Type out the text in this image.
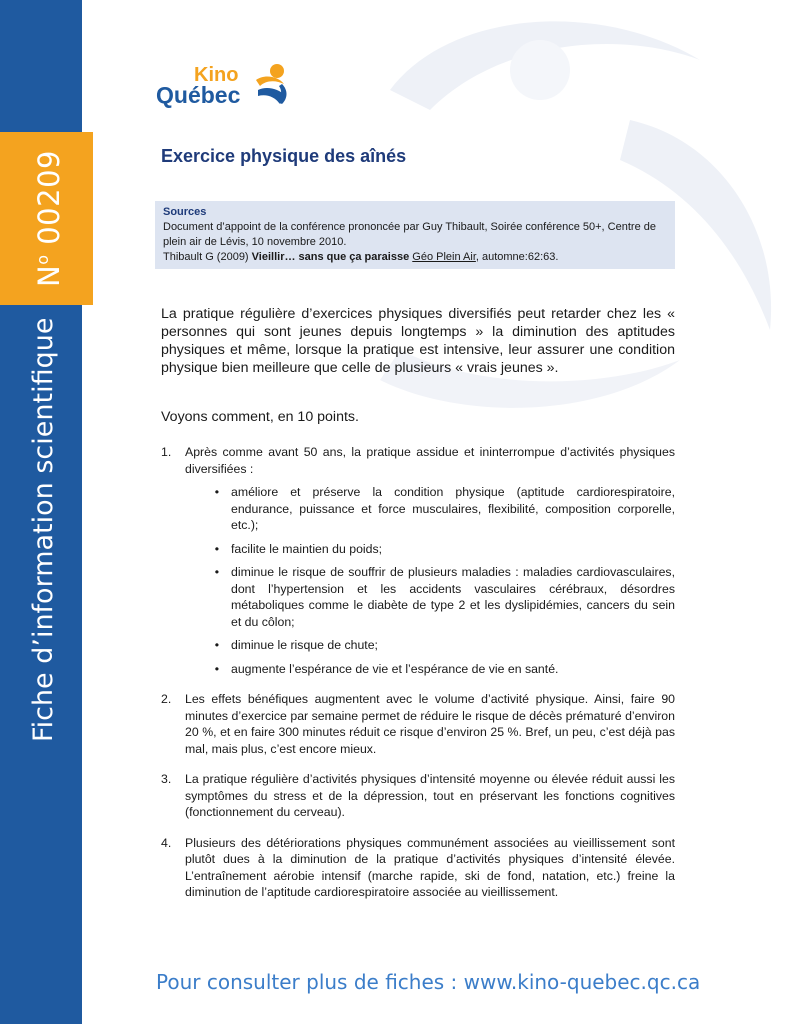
$N^o$ 00209
Fiche d’information scientifique
Kino
Québec
Exercice physique des aînés
Sources
Document d’appoint de la conférence prononcée par Guy Thibault, Soirée conférence 50+, Centre de plein air de Lévis, 10 novembre 2010.
Thibault G (2009) Vieillir… sans que ça paraisse Géo Plein Air, automne:62:63.
La pratique régulière d’exercices physiques diversifiés peut retarder chez les « personnes qui sont jeunes depuis longtemps » la diminution des aptitudes physiques et même, lorsque la pratique est intensive, leur assurer une condition physique bien meilleure que celle de plusieurs « vrais jeunes ».
Voyons comment, en 10 points.
1. Après comme avant 50 ans, la pratique assidue et ininterrompue d’activités physiques diversifiées :
• améliore et préserve la condition physique (aptitude cardiorespiratoire, endurance, puissance et force musculaires, flexibilité, composition corporelle, etc.);
• facilite le maintien du poids;
• diminue le risque de souffrir de plusieurs maladies : maladies cardiovasculaires, dont l’hypertension et les accidents vasculaires cérébraux, désordres métaboliques comme le diabète de type 2 et les dyslipidémies, cancers du sein et du côlon;
• diminue le risque de chute;
• augmente l’espérance de vie et l’espérance de vie en santé.
2. Les effets bénéfiques augmentent avec le volume d’activité physique. Ainsi, faire 90 minutes d’exercice par semaine permet de réduire le risque de décès prématuré d’environ 20 %, et en faire 300 minutes réduit ce risque d’environ 25 %. Bref, un peu, c’est déjà pas mal, mais plus, c’est encore mieux.
3. La pratique régulière d’activités physiques d’intensité moyenne ou élevée réduit aussi les symptômes du stress et de la dépression, tout en préservant les fonctions cognitives (fonctionnement du cerveau).
4. Plusieurs des détériorations physiques communément associées au vieillissement sont plutôt dues à la diminution de la pratique d’activités physiques d’intensité élevée. L’entraînement aérobie intensif (marche rapide, ski de fond, natation, etc.) freine la diminution de l’aptitude cardiorespiratoire associée au vieillissement.
Pour consulter plus de fiches : www.kino-quebec.qc.ca
